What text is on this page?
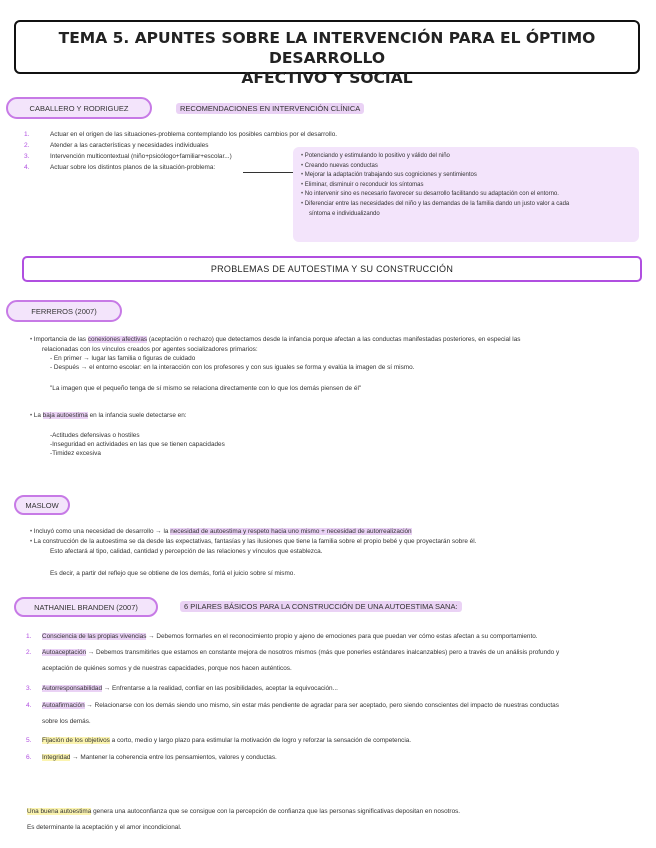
TEMA 5. APUNTES SOBRE LA INTERVENCIÓN PARA EL ÓPTIMO DESARROLLO
AFECTIVO Y SOCIAL
CABALLERO Y RODRIGUEZ	RECOMENDACIONES EN INTERVENCIÓN CLÍNICA
1.	Actuar en el origen de las situaciones-problema contemplando los posibles cambios por el desarrollo.
2.	Atender a las características y necesidades individuales
3.	Intervención multicontextual (niño+psicólogo+familiar+escolar...)
4.	Actuar sobre los distintos planos de la situación-problema:
• Potenciando y estimulando lo positivo y válido del niño
• Creando nuevas conductas
• Mejorar la adaptación trabajando sus cogniciones y sentimientos
• Eliminar, disminuir o reconducir los síntomas
• No intervenir sino es necesario favorecer su desarrollo facilitando su adaptación con el entorno.
• Diferenciar entre las necesidades del niño y las demandas de la familia dando un justo valor a cada
síntoma e individualizando
PROBLEMAS DE AUTOESTIMA Y SU CONSTRUCCIÓN
FERREROS (2007)
• Importancia de las conexiones afectivas (aceptación o rechazo) que detectamos desde la infancia porque afectan a las conductas manifestadas posteriores, en especial las
relacionadas con los vínculos creados por agentes socializadores primarios:
- En primer → lugar las familia o figuras de cuidado
- Después → el entorno escolar: en la interacción con los profesores y con sus iguales se forma y evalúa la imagen de sí mismo.
"La imagen que el pequeño tenga de sí mismo se relaciona directamente con lo que los demás piensen de él"
• La baja autoestima en la infancia suele detectarse en:
-Actitudes defensivas o hostiles
-Inseguridad en actividades en las que se tienen capacidades
-Timidez excesiva
MASLOW
• Incluyó como una necesidad de desarrollo → la necesidad de autoestima y respeto hacia uno mismo + necesidad de autorrealización
• La construcción de la autoestima se da desde las expectativas, fantasías y las ilusiones que tiene la familia sobre el propio bebé y que proyectarán sobre él.
Esto afectará al tipo, calidad, cantidad y percepción de las relaciones y vínculos que establezca.
Es decir, a partir del reflejo que se obtiene de los demás, forlá el juicio sobre sí mismo.
NATHANIEL BRANDEN (2007)	6 PILARES BÁSICOS PARA LA CONSTRUCCIÓN DE UNA AUTOESTIMA SANA:
1. Consciencia de las propias vivencias → Debemos formarles en el reconocimiento propio y ajeno de emociones para que puedan ver cómo estas afectan a su comportamiento.
2. Autoaceptación → Debemos transmitirles que estamos en constante mejora de nosotros mismos (más que ponerles estándares inalcanzables) pero a través de un análisis profundo y
aceptación de quiénes somos y de nuestras capacidades, porque nos hacen auténticos.
3. Autorresponsabilidad → Enfrentarse a la realidad, confiar en las posibilidades, aceptar la equivocación...
4. Autoafirmación → Relacionarse con los demás siendo uno mismo, sin estar más pendiente de agradar para ser aceptado, pero siendo conscientes del impacto de nuestras conductas
sobre los demás.
5. Fijación de los objetivos a corto, medio y largo plazo para estimular la motivación de logro y reforzar la sensación de competencia.
6. Integridad → Mantener la coherencia entre los pensamientos, valores y conductas.
Una buena autoestima genera una autoconfianza que se consigue con la percepción de confianza que las personas significativas depositan en nosotros.
Es determinante la aceptación y el amor incondicional.
